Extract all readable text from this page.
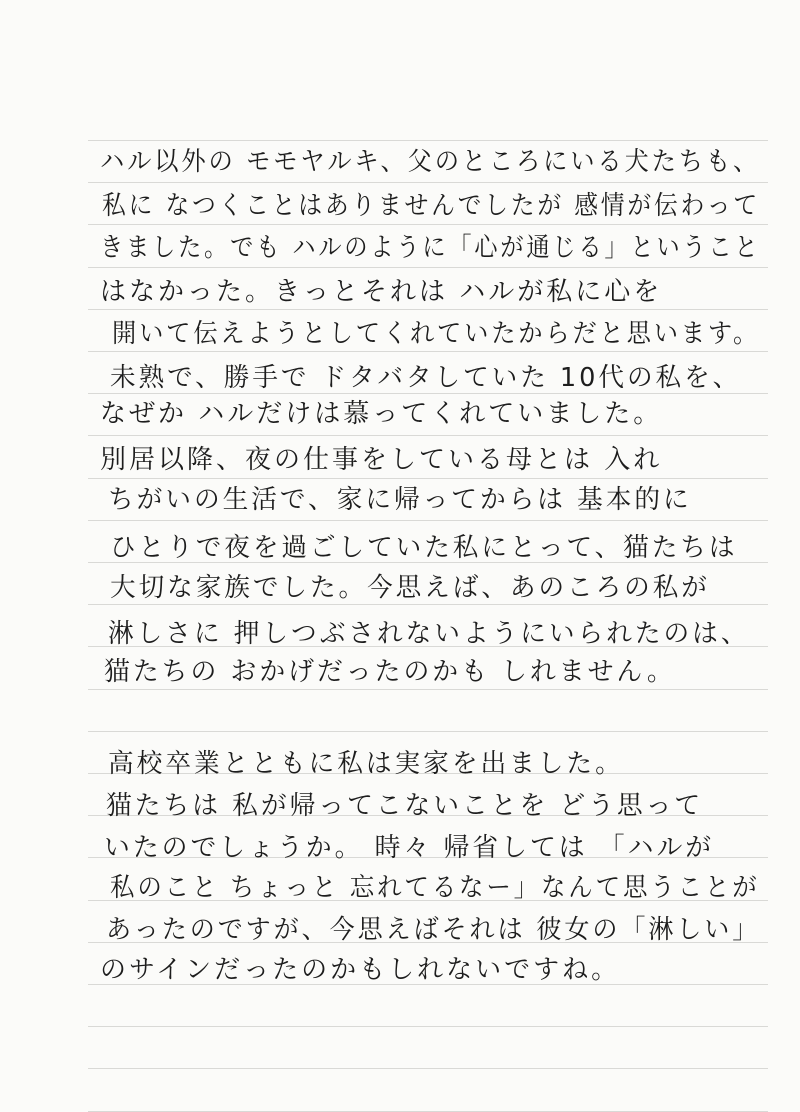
ハル以外の モモヤルキ、父のところにいる犬たちも、
私に なつくことはありませんでしたが 感情が伝わって
きました。でも ハルのように「心が通じる」ということ
はなかった。きっとそれは ハルが私に心を
開いて伝えようとしてくれていたからだと思います。
未熟で、勝手で ドタバタしていた 10代の私を、
なぜか ハルだけは慕ってくれていました。
別居以降、夜の仕事をしている母とは 入れ
ちがいの生活で、家に帰ってからは 基本的に
ひとりで夜を過ごしていた私にとって、猫たちは
大切な家族でした。今思えば、あのころの私が
淋しさに 押しつぶされないようにいられたのは、
猫たちの おかげだったのかも しれません。
高校卒業とともに私は実家を出ました。
猫たちは 私が帰ってこないことを どう思って
いたのでしょうか。 時々 帰省しては 「ハルが
私のこと ちょっと 忘れてるなー」なんて思うことが
あったのですが、今思えばそれは 彼女の「淋しい」
のサインだったのかもしれないですね。
